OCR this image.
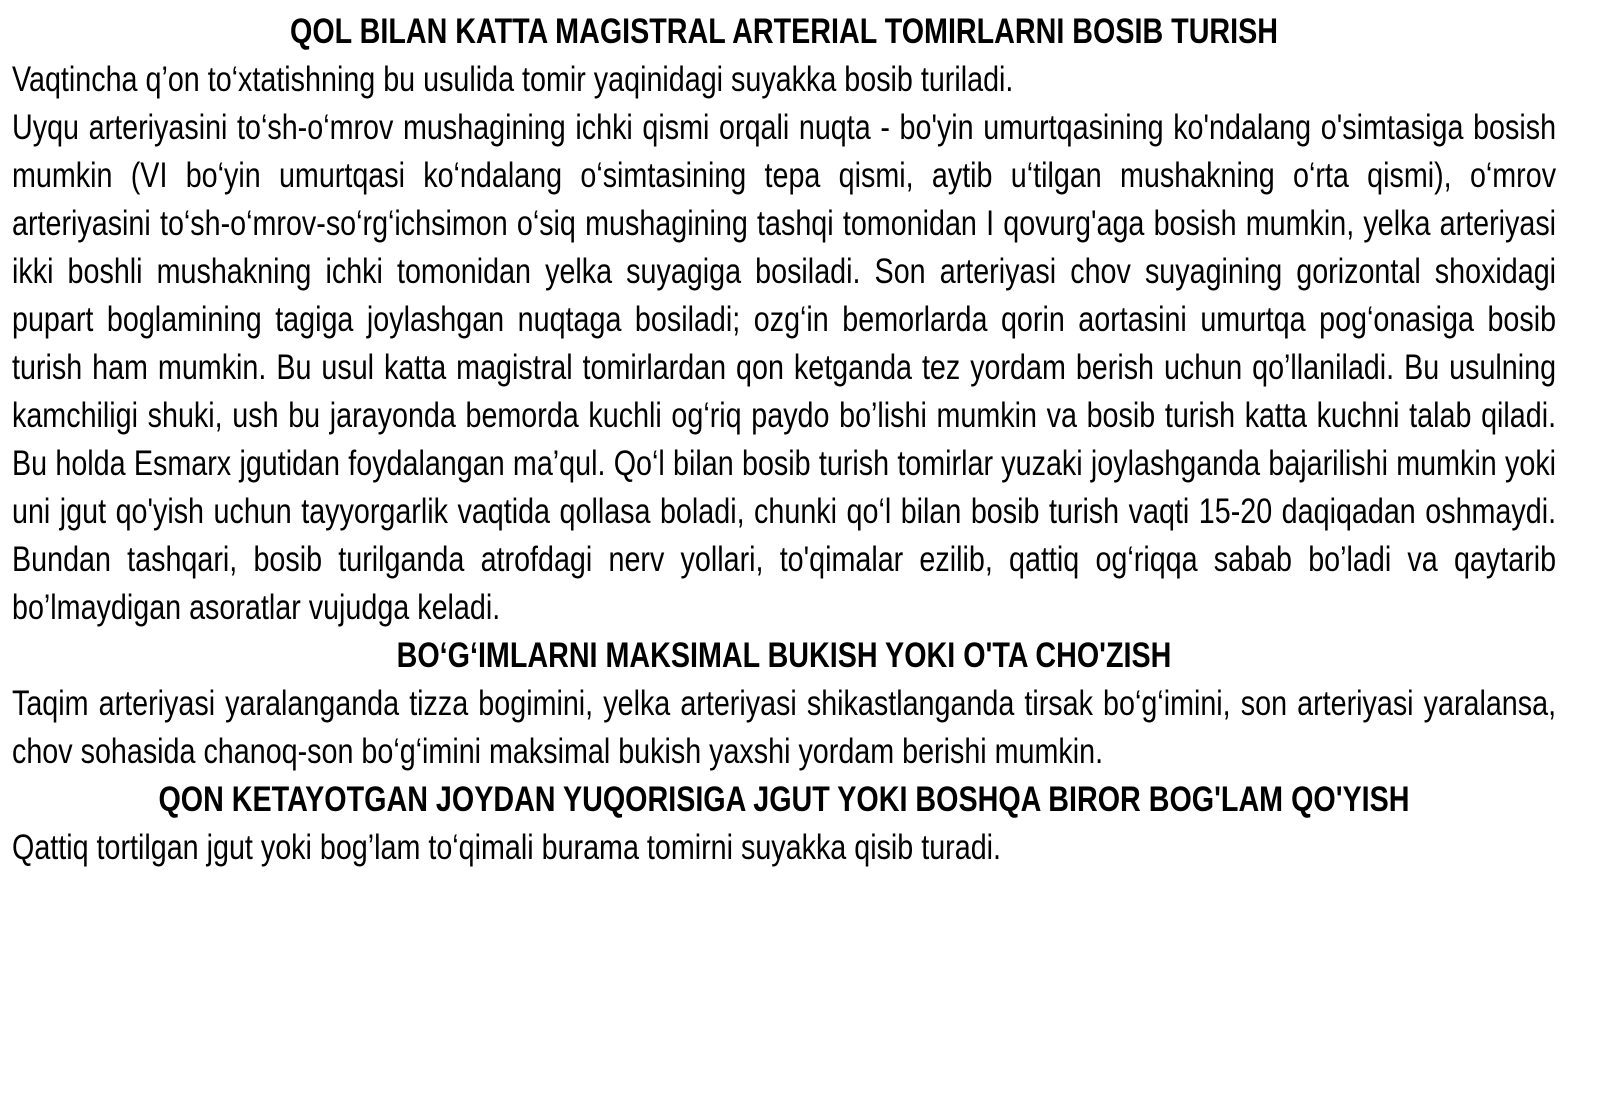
QOL BILAN KATTA MAGISTRAL ARTERIAL TOMIRLARNI BOSIB TURISH

Vaqtincha q’on to‘xtatishning bu usulida tomir yaqinidagi suyakka bosib turiladi.

Uyqu arteriyasini to‘sh-o‘mrov mushagining ichki qismi orqali nuqta - bo'yin umurtqasining ko'ndalang o'simtasiga bosish mumkin (VI bo‘yin umurtqasi ko‘ndalang o‘simtasining tepa qismi, aytib u‘tilgan mushakning o‘rta qismi), o‘mrov arteriyasini to‘sh-o‘mrov-so‘rg‘ichsimon o‘siq mushagining tashqi tomonidan I qovurg'aga bosish mumkin, yelka arteriyasi ikki boshli mushakning ichki tomonidan yelka suyagiga bosiladi. Son arteriyasi chov suyagining gorizontal shoxidagi pupart boglamining tagiga joylashgan nuqtaga bosiladi; ozg‘in bemorlarda qorin aortasini umurtqa pog‘onasiga bosib turish ham mumkin. Bu usul katta magistral tomirlardan qon ketganda tez yordam berish uchun qo’llaniladi. Bu usulning kamchiligi shuki, ush bu jarayonda bemorda kuchli og‘riq paydo bo’lishi mumkin va bosib turish katta kuchni talab qiladi. Bu holda Esmarx jgutidan foydalangan ma’qul. Qo‘l bilan bosib turish tomirlar yuzaki joylashganda bajarilishi mumkin yoki uni jgut qo'yish uchun tayyorgarlik vaqtida qollasa boladi, chunki qo‘l bilan bosib turish vaqti 15-20 daqiqadan oshmaydi. Bundan tashqari, bosib turilganda atrofdagi nerv yollari, to'qimalar ezilib, qattiq og‘riqqa sabab bo’ladi va qaytarib bo’lmaydigan asoratlar vujudga keladi.

BO‘G‘IMLARNI MAKSIMAL BUKISH YOKI O'TA CHO'ZISH

Taqim arteriyasi yaralanganda tizza bogimini, yelka arteriyasi shikastlanganda tirsak bo‘g‘imini, son arteriyasi yaralansa, chov sohasida chanoq-son bo‘g‘imini maksimal bukish yaxshi yordam berishi mumkin.

QON KETAYOTGAN JOYDAN YUQORISIGA JGUT YOKI BOSHQA BIROR BOG'LAM QO'YISH

Qattiq tortilgan jgut yoki bog’lam to‘qimali burama tomirni suyakka qisib turadi.
